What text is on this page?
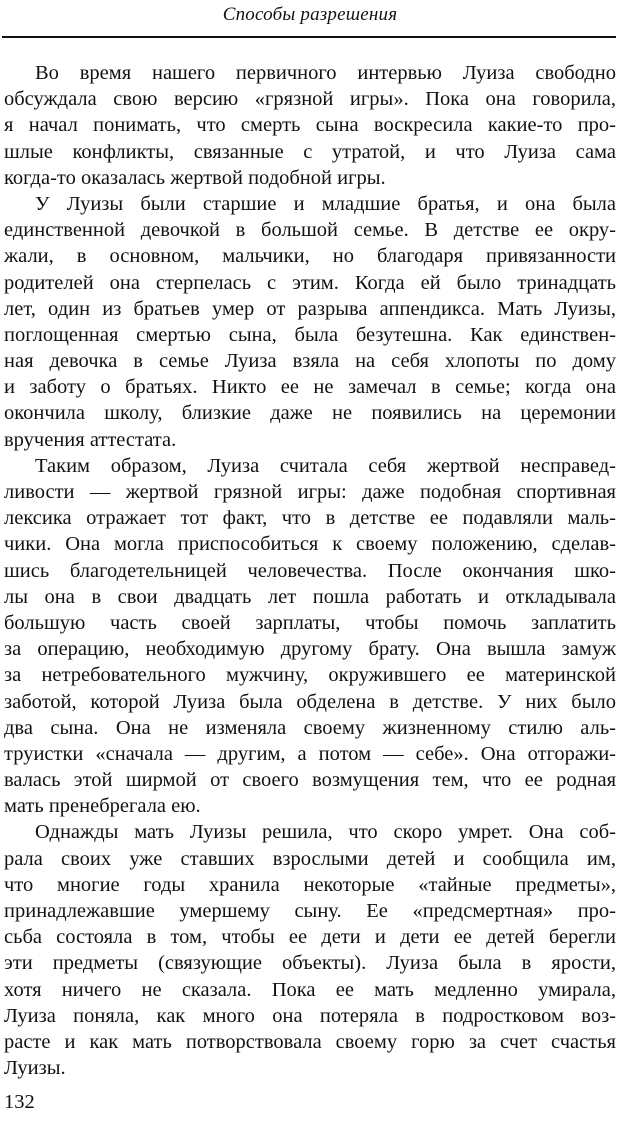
Способы разрешения
Во время нашего первичного интервью Луиза свободно
обсуждала свою версию «грязной игры». Пока она говорила,
я начал понимать, что смерть сына воскресила какие-то про-
шлые конфликты, связанные с утратой, и что Луиза сама
когда-то оказалась жертвой подобной игры.
У Луизы были старшие и младшие братья, и она была
единственной девочкой в большой семье. В детстве ее окру-
жали, в основном, мальчики, но благодаря привязанности
родителей она стерпелась с этим. Когда ей было тринадцать
лет, один из братьев умер от разрыва аппендикса. Мать Луизы,
поглощенная смертью сына, была безутешна. Как единствен-
ная девочка в семье Луиза взяла на себя хлопоты по дому
и заботу о братьях. Никто ее не замечал в семье; когда она
окончила школу, близкие даже не появились на церемонии
вручения аттестата.
Таким образом, Луиза считала себя жертвой несправед-
ливости — жертвой грязной игры: даже подобная спортивная
лексика отражает тот факт, что в детстве ее подавляли маль-
чики. Она могла приспособиться к своему положению, сделав-
шись благодетельницей человечества. После окончания шко-
лы она в свои двадцать лет пошла работать и откладывала
большую часть своей зарплаты, чтобы помочь заплатить
за операцию, необходимую другому брату. Она вышла замуж
за нетребовательного мужчину, окружившего ее материнской
заботой, которой Луиза была обделена в детстве. У них было
два сына. Она не изменяла своему жизненному стилю аль-
труистки «сначала — другим, а потом — себе». Она отгоражи-
валась этой ширмой от своего возмущения тем, что ее родная
мать пренебрегала ею.
Однажды мать Луизы решила, что скоро умрет. Она соб-
рала своих уже ставших взрослыми детей и сообщила им,
что многие годы хранила некоторые «тайные предметы»,
принадлежавшие умершему сыну. Ее «предсмертная» про-
сьба состояла в том, чтобы ее дети и дети ее детей берегли
эти предметы (связующие объекты). Луиза была в ярости,
хотя ничего не сказала. Пока ее мать медленно умирала,
Луиза поняла, как много она потеряла в подростковом воз-
расте и как мать потворствовала своему горю за счет счастья
Луизы.
132
